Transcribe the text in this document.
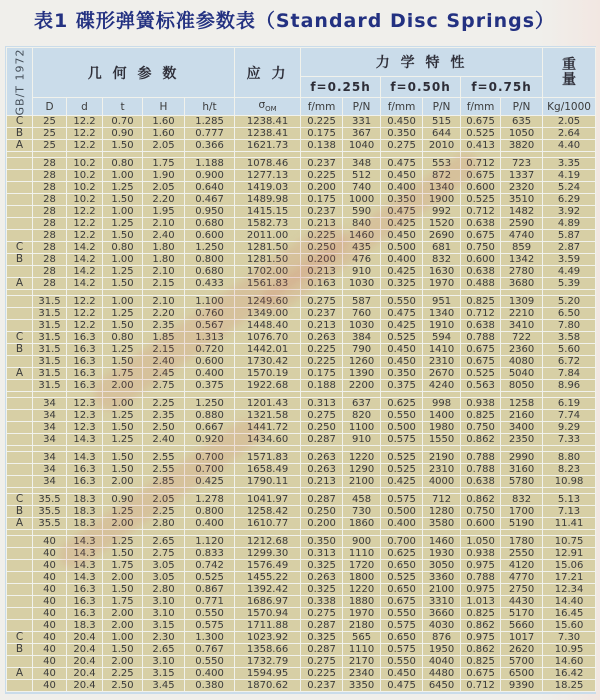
表1 碟形弹簧标准参数表（Standard Disc Springs）
GB/T 1972	几 何 参 数					应 力	力 学 特 性						重
量

							f=0.25h		f=0.50h		f=0.75h		
	D	d	t	H	h/t	$\sigma_{OM}$	f/mm	P/N	f/mm	P/N	f/mm	P/N	Kg/1000
C	25	12.2	0.70	1.60	1.285	1238.41	0.225	331	0.450	515	0.675	635	2.05
B	25	12.2	0.90	1.60	0.777	1238.41	0.175	367	0.350	644	0.525	1050	2.64
A	25	12.2	1.50	2.05	0.366	1621.73	0.138	1040	0.275	2010	0.413	3820	4.40

	28	10.2	0.80	1.75	1.188	1078.46	0.237	348	0.475	553	0.712	723	3.35
	28	10.2	1.00	1.90	0.900	1277.13	0.225	512	0.450	872	0.675	1337	4.19
	28	10.2	1.25	2.05	0.640	1419.03	0.200	740	0.400	1340	0.600	2320	5.24
	28	10.2	1.50	2.20	0.467	1489.98	0.175	1000	0.350	1900	0.525	3510	6.29
	28	12.2	1.00	1.95	0.950	1415.15	0.237	590	0.475	992	0.712	1482	3.92
	28	12.2	1.25	2.10	0.680	1582.73	0.213	840	0.425	1520	0.638	2590	4.89
	28	12.2	1.50	2.40	0.600	2011.00	0.225	1460	0.450	2690	0.675	4740	5.87
C	28	14.2	0.80	1.80	1.250	1281.50	0.250	435	0.500	681	0.750	859	2.87
B	28	14.2	1.00	1.80	0.800	1281.50	0.200	476	0.400	832	0.600	1342	3.59
	28	14.2	1.25	2.10	0.680	1702.00	0.213	910	0.425	1630	0.638	2780	4.49
A	28	14.2	1.50	2.15	0.433	1561.83	0.163	1030	0.325	1970	0.488	3680	5.39

	31.5	12.2	1.00	2.10	1.100	1249.60	0.275	587	0.550	951	0.825	1309	5.20
	31.5	12.2	1.25	2.20	0.760	1349.00	0.237	760	0.475	1340	0.712	2210	6.50
	31.5	12.2	1.50	2.35	0.567	1448.40	0.213	1030	0.425	1910	0.638	3410	7.80
C	31.5	16.3	0.80	1.85	1.313	1076.70	0.263	384	0.525	594	0.788	722	3.58
B	31.5	16.3	1.25	2.15	0.720	1442.01	0.225	790	0.450	1410	0.675	2360	5.60
	31.5	16.3	1.50	2.40	0.600	1730.42	0.225	1260	0.450	2310	0.675	4080	6.72
A	31.5	16.3	1.75	2.45	0.400	1570.19	0.175	1390	0.350	2670	0.525	5040	7.84
	31.5	16.3	2.00	2.75	0.375	1922.68	0.188	2200	0.375	4240	0.563	8050	8.96

	34	12.3	1.00	2.25	1.250	1201.43	0.313	637	0.625	998	0.938	1258	6.19
	34	12.3	1.25	2.35	0.880	1321.58	0.275	820	0.550	1400	0.825	2160	7.74
	34	12.3	1.50	2.50	0.667	1441.72	0.250	1100	0.500	1980	0.750	3400	9.29
	34	14.3	1.25	2.40	0.920	1434.60	0.287	910	0.575	1550	0.862	2350	7.33

	34	14.3	1.50	2.55	0.700	1571.83	0.263	1220	0.525	2190	0.788	2990	8.80
	34	16.3	1.50	2.55	0.700	1658.49	0.263	1290	0.525	2310	0.788	3160	8.23
	34	16.3	2.00	2.85	0.425	1790.11	0.213	2100	0.425	4000	0.638	5780	10.98

C	35.5	18.3	0.90	2.05	1.278	1041.97	0.287	458	0.575	712	0.862	832	5.13
B	35.5	18.3	1.25	2.25	0.800	1258.42	0.250	730	0.500	1280	0.750	1700	7.13
A	35.5	18.3	2.00	2.80	0.400	1610.77	0.200	1860	0.400	3580	0.600	5190	11.41

	40	14.3	1.25	2.65	1.120	1212.68	0.350	900	0.700	1460	1.050	1780	10.75
	40	14.3	1.50	2.75	0.833	1299.30	0.313	1110	0.625	1930	0.938	2550	12.91
	40	14.3	1.75	3.05	0.742	1576.49	0.325	1720	0.650	3050	0.975	4120	15.06
	40	14.3	2.00	3.05	0.525	1455.22	0.263	1800	0.525	3360	0.788	4770	17.21
	40	16.3	1.50	2.80	0.867	1392.42	0.325	1220	0.650	2100	0.975	2750	12.34
	40	16.3	1.75	3.10	0.771	1686.97	0.338	1880	0.675	3310	1.013	4430	14.40
	40	16.3	2.00	3.10	0.550	1570.94	0.275	1970	0.550	3660	0.825	5170	16.45
	40	18.3	2.00	3.15	0.575	1711.88	0.287	2180	0.575	4030	0.862	5660	15.60
C	40	20.4	1.00	2.30	1.300	1023.92	0.325	565	0.650	876	0.975	1017	7.30
B	40	20.4	1.50	2.65	0.767	1358.66	0.287	1110	0.575	1950	0.862	2620	10.95
	40	20.4	2.00	3.10	0.550	1732.79	0.275	2170	0.550	4040	0.825	5700	14.60
A	40	20.4	2.25	3.15	0.400	1594.95	0.225	2340	0.450	4480	0.675	6500	16.42
	40	20.4	2.50	3.45	0.380	1870.62	0.237	3350	0.475	6450	0.712	9390	18.25
